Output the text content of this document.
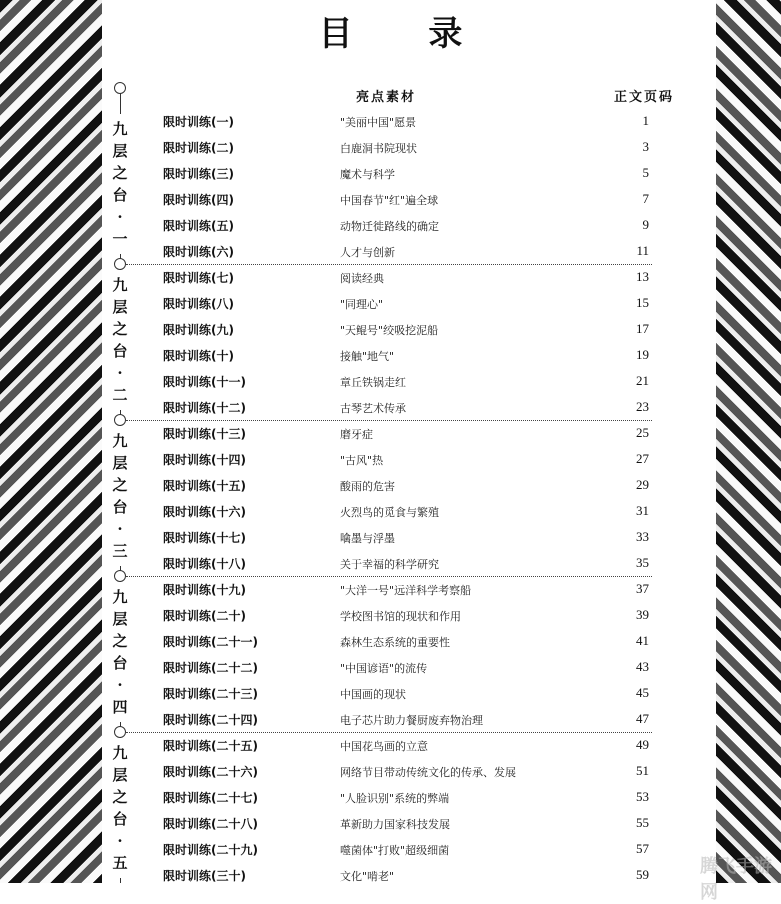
目 录
亮点素材	正文页码
九
层
之
台
·
一
九
层
之
台
·
二
九
层
之
台
·
三
九
层
之
台
·
四
九
层
之
台
·
五
限时训练(一)	"美丽中国"愿景	1
限时训练(二)	白鹿洞书院现状	3
限时训练(三)	魔术与科学	5
限时训练(四)	中国春节"红"遍全球	7
限时训练(五)	动物迁徙路线的确定	9
限时训练(六)	人才与创新	11
限时训练(七)	阅读经典	13
限时训练(八)	"同理心"	15
限时训练(九)	"天鲲号"绞吸挖泥船	17
限时训练(十)	接触"地气"	19
限时训练(十一)	章丘铁锅走红	21
限时训练(十二)	古琴艺术传承	23
限时训练(十三)	磨牙症	25
限时训练(十四)	"古风"热	27
限时训练(十五)	酸雨的危害	29
限时训练(十六)	火烈鸟的觅食与繁殖	31
限时训练(十七)	噙墨与浮墨	33
限时训练(十八)	关于幸福的科学研究	35
限时训练(十九)	"大洋一号"远洋科学考察船	37
限时训练(二十)	学校图书馆的现状和作用	39
限时训练(二十一)	森林生态系统的重要性	41
限时训练(二十二)	"中国谚语"的流传	43
限时训练(二十三)	中国画的现状	45
限时训练(二十四)	电子芯片助力餐厨废弃物治理	47
限时训练(二十五)	中国花鸟画的立意	49
限时训练(二十六)	网络节目带动传统文化的传承、发展	51
限时训练(二十七)	"人脸识别"系统的弊端	53
限时训练(二十八)	革新助力国家科技发展	55
限时训练(二十九)	噬菌体"打败"超级细菌	57
限时训练(三十)	文化"啃老"	59	腾飞手游网
